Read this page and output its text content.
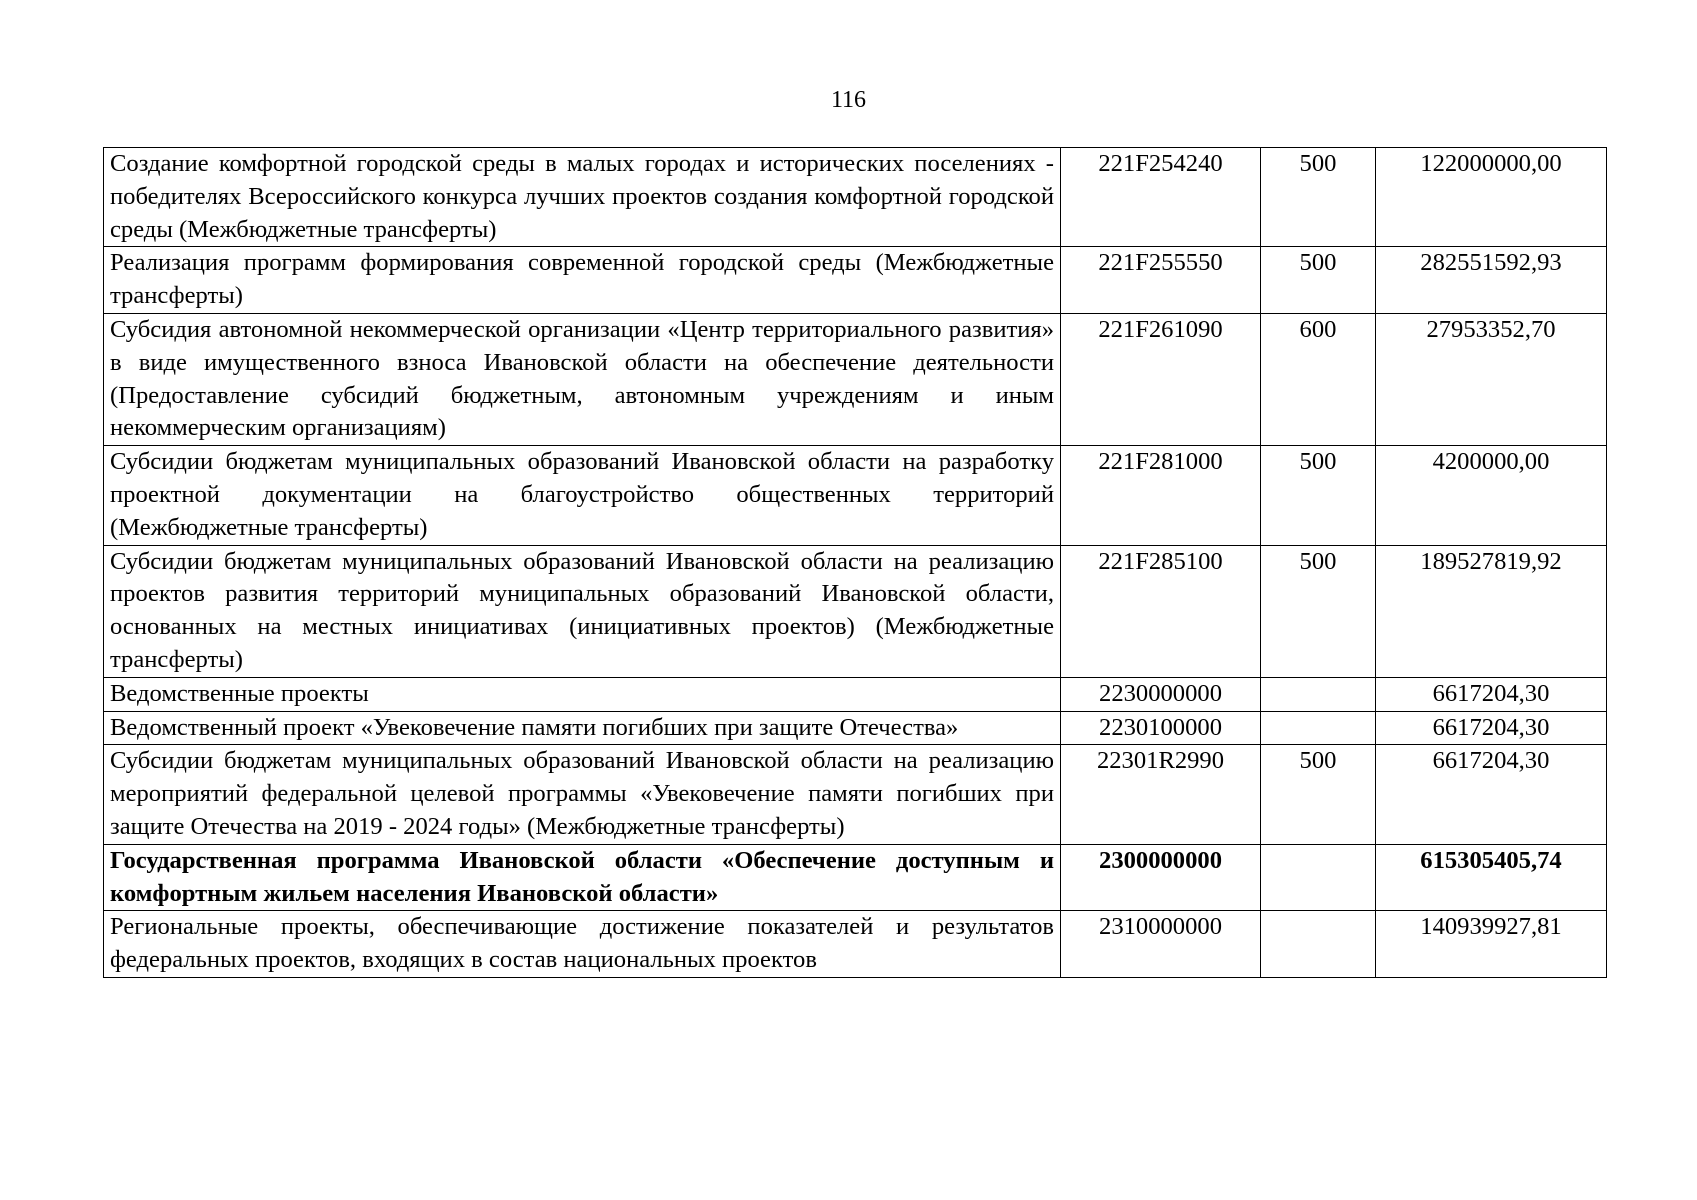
116
Создание комфортной городской среды в малых городах и исторических поселениях - победителях Всероссийского конкурса лучших проектов создания комфортной городской среды (Межбюджетные трансферты)	221F254240	500	122000000,00
Реализация программ формирования современной городской среды (Межбюджетные трансферты)	221F255550	500	282551592,93
Субсидия автономной некоммерческой организации «Центр территориального развития» в виде имущественного взноса Ивановской области на обеспечение деятельности (Предоставление субсидий бюджетным, автономным учреждениям и иным некоммерческим организациям)	221F261090	600	27953352,70
Субсидии бюджетам муниципальных образований Ивановской области на разработку проектной документации на благоустройство общественных территорий (Межбюджетные трансферты)	221F281000	500	4200000,00
Субсидии бюджетам муниципальных образований Ивановской области на реализацию проектов развития территорий муниципальных образований Ивановской области, основанных на местных инициативах (инициативных проектов) (Межбюджетные трансферты)	221F285100	500	189527819,92
Ведомственные проекты	2230000000		6617204,30
Ведомственный проект «Увековечение памяти погибших при защите Отечества»	2230100000		6617204,30
Субсидии бюджетам муниципальных образований Ивановской области на реализацию мероприятий федеральной целевой программы «Увековечение памяти погибших при защите Отечества на 2019 - 2024 годы» (Межбюджетные трансферты)	22301R2990	500	6617204,30
Государственная программа Ивановской области «Обеспечение доступным и комфортным жильем населения Ивановской области»	2300000000		615305405,74
Региональные проекты, обеспечивающие достижение показателей и результатов федеральных проектов, входящих в состав национальных проектов	2310000000		140939927,81
